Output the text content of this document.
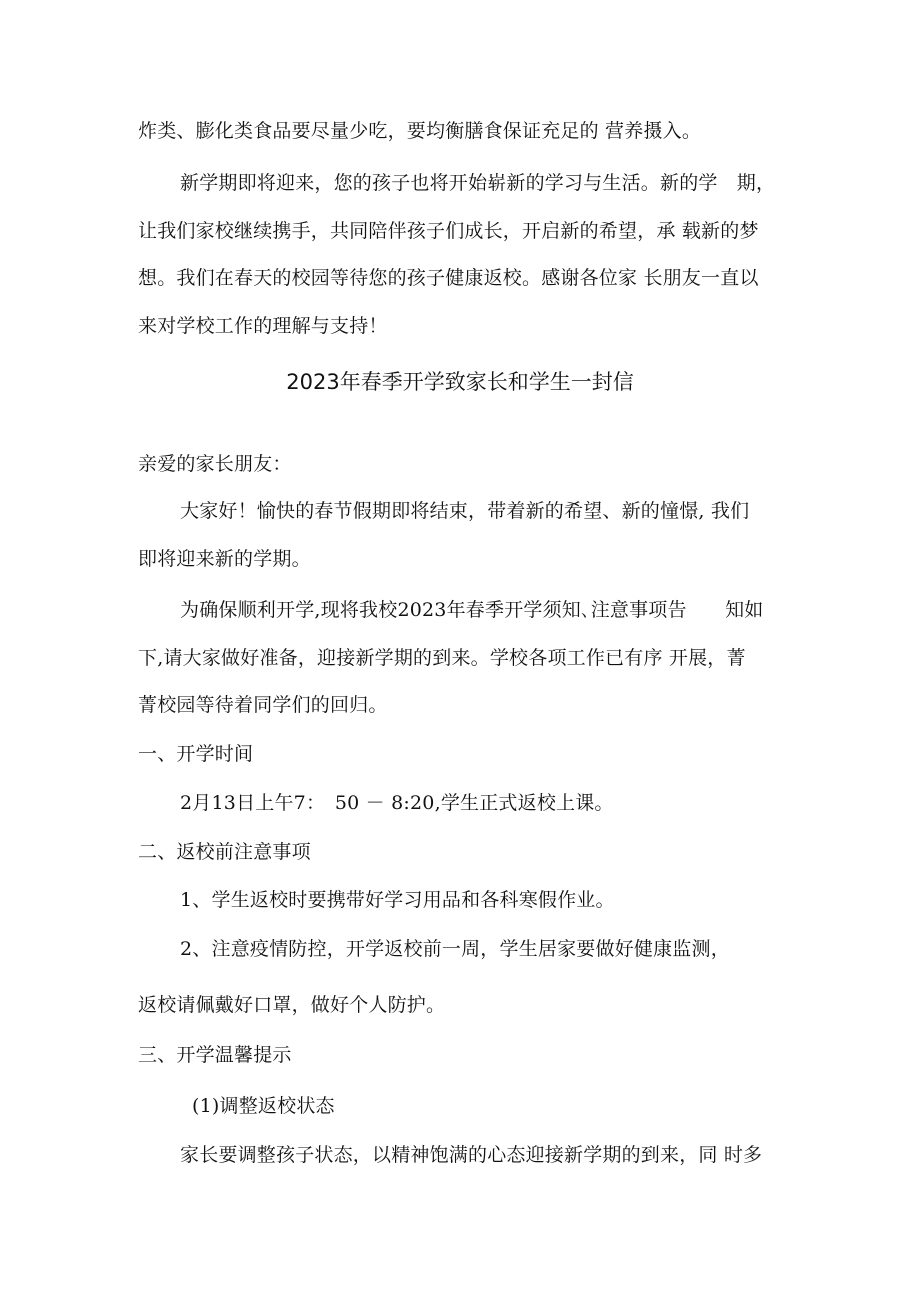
炸类、膨化类食品要尽量少吃，要均衡膳食保证充足的 营养摄入。
新学期即将迎来，您的孩子也将开始崭新的学习与生活。新的学　期，
让我们家校继续携手，共同陪伴孩子们成长，开启新的希望，承 载新的梦
想。我们在春天的校园等待您的孩子健康返校。感谢各位家 长朋友一直以
来对学校工作的理解与支持！
2023年春季开学致家长和学生一封信
亲爱的家长朋友：
大家好！愉快的春节假期即将结束，带着新的希望、新的憧憬, 我们
即将迎来新的学期。
为确保顺利开学,现将我校2023年春季开学须知､注意事项告　　知如
下,请大家做好准备，迎接新学期的到来。学校各项工作已有序 开展，菁
菁校园等待着同学们的回归。
一、开学时间
2月13日上午7：　50 － 8:20,学生正式返校上课。
二、返校前注意事项
1、学生返校时要携带好学习用品和各科寒假作业。
2、注意疫情防控，开学返校前一周，学生居家要做好健康监测，
返校请佩戴好口罩，做好个人防护。
三、开学温馨提示
(1)调整返校状态
家长要调整孩子状态，以精神饱满的心态迎接新学期的到来，同 时多
